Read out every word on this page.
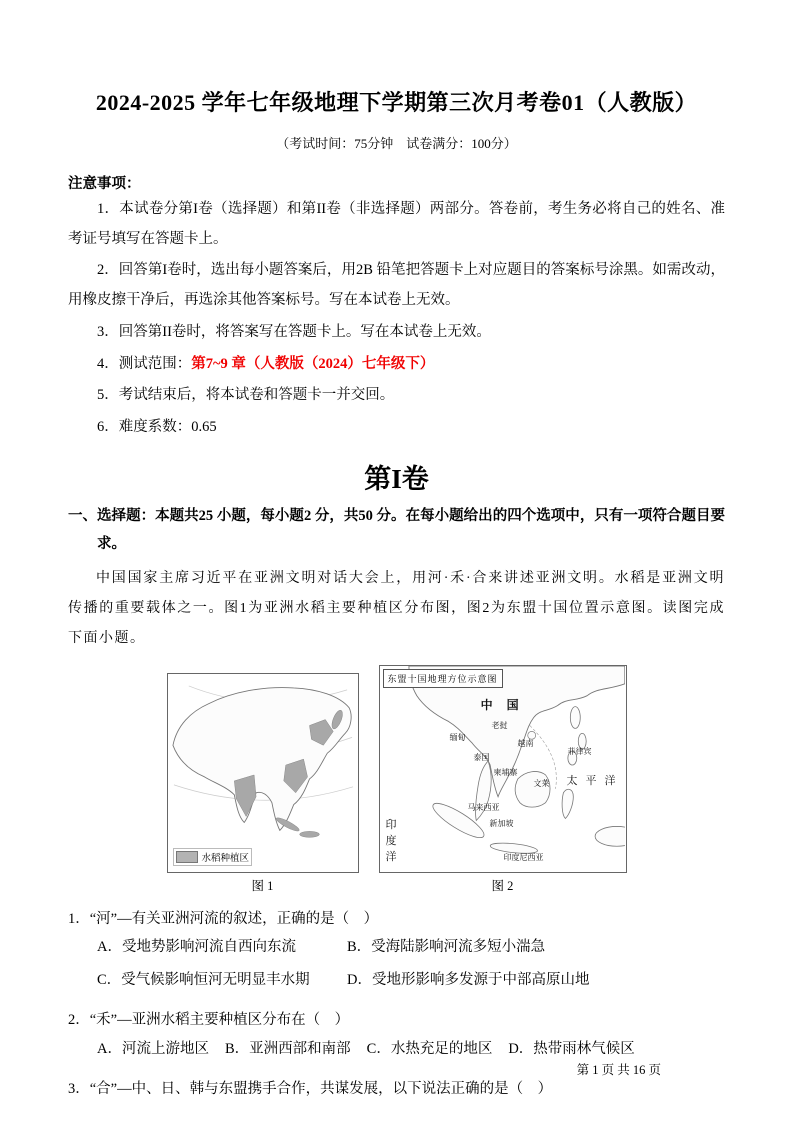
2024-2025 学年七年级地理下学期第三次月考卷01（人教版）

（考试时间：75分钟　试卷满分：100分）

注意事项：

1．本试卷分第I卷（选择题）和第II卷（非选择题）两部分。答卷前，考生务必将自己的姓名、准考证号填写在答题卡上。

2．回答第I卷时，选出每小题答案后，用2B 铅笔把答题卡上对应题目的答案标号涂黑。如需改动，用橡皮擦干净后，再选涂其他答案标号。写在本试卷上无效。

3．回答第II卷时，将答案写在答题卡上。写在本试卷上无效。

4．测试范围：第7~9 章（人教版（2024）七年级下）

5．考试结束后，将本试卷和答题卡一并交回。

6．难度系数：0.65

第I卷

一、选择题：本题共25 小题，每小题2 分，共50 分。在每小题给出的四个选项中，只有一项符合题目要求。

中国国家主席习近平在亚洲文明对话大会上，用河·禾·合来讲述亚洲文明。水稻是亚洲文明传播的重要载体之一。图1为亚洲水稻主要种植区分布图，图2为东盟十国位置示意图。读图完成下面小题。

水稻种植区
图 1
东盟十国地理方位示意图
中国
太平洋
印度洋
缅甸
老挝
泰国
越南
柬埔寨
菲律宾
文莱
马来西亚
新加坡
印度尼西亚
图 2

1．“河”—有关亚洲河流的叙述，正确的是（　）

A．受地势影响河流自西向东流	B．受海陆影响河流多短小湍急
C．受气候影响恒河无明显丰水期	D．受地形影响多发源于中部高原山地

2．“禾”—亚洲水稻主要种植区分布在（　）

A．河流上游地区 B．亚洲西部和南部 C．水热充足的地区 D．热带雨林气候区

3．“合”—中、日、韩与东盟携手合作，共谋发展，以下说法正确的是（　）

第 1 页 共 16 页
